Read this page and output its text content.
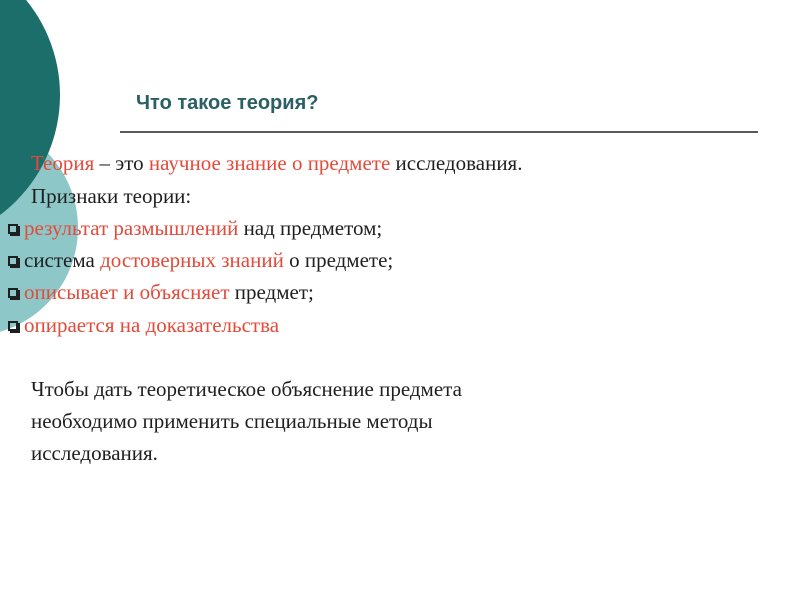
Что такое теория?
Теория – это научное знание о предмете исследования.
Признаки теории:
результат размышлений над предметом;
система достоверных знаний о предмете;
описывает и объясняет предмет;
опирается на доказательства
Чтобы дать теоретическое объяснение предмета
необходимо применить специальные методы
исследования.
